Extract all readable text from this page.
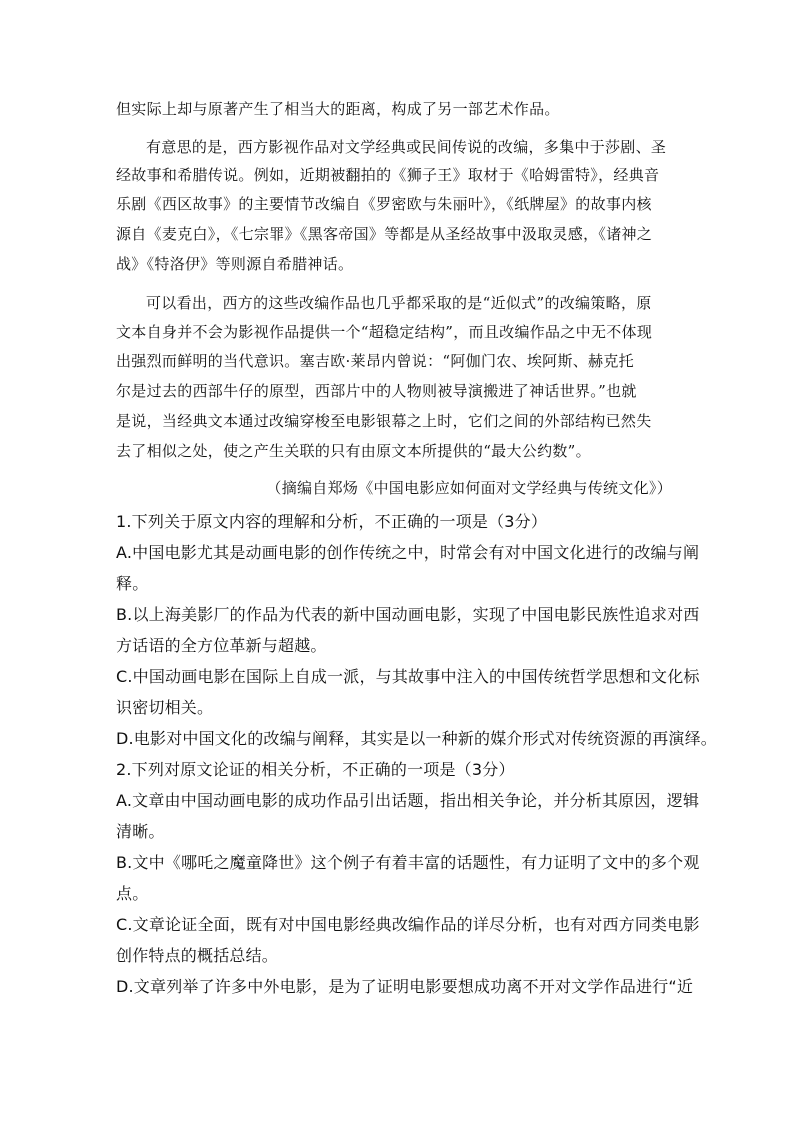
但实际上却与原著产生了相当大的距离，构成了另一部艺术作品。
有意思的是，西方影视作品对文学经典或民间传说的改编，多集中于莎剧、圣
经故事和希腊传说。例如，近期被翻拍的《狮子王》取材于《哈姆雷特》，经典音
乐剧《西区故事》的主要情节改编自《罗密欧与朱丽叶》，《纸牌屋》的故事内核
源自《麦克白》，《七宗罪》《黑客帝国》等都是从圣经故事中汲取灵感，《诸神之
战》《特洛伊》等则源自希腊神话。
可以看出，西方的这些改编作品也几乎都采取的是“近似式”的改编策略，原
文本自身并不会为影视作品提供一个“超稳定结构”，而且改编作品之中无不体现
出强烈而鲜明的当代意识。塞吉欧·莱昂内曾说：“阿伽门农、埃阿斯、赫克托
尔是过去的西部牛仔的原型，西部片中的人物则被导演搬进了神话世界。”也就
是说，当经典文本通过改编穿梭至电影银幕之上时，它们之间的外部结构已然失
去了相似之处，使之产生关联的只有由原文本所提供的“最大公约数”。
（摘编自郑炀《中国电影应如何面对文学经典与传统文化》）
1.下列关于原文内容的理解和分析，不正确的一项是（3分）
A.中国电影尤其是动画电影的创作传统之中，时常会有对中国文化进行的改编与阐
释。
B.以上海美影厂的作品为代表的新中国动画电影，实现了中国电影民族性追求对西
方话语的全方位革新与超越。
C.中国动画电影在国际上自成一派，与其故事中注入的中国传统哲学思想和文化标
识密切相关。
D.电影对中国文化的改编与阐释，其实是以一种新的媒介形式对传统资源的再演绎。
2.下列对原文论证的相关分析，不正确的一项是（3分）
A.文章由中国动画电影的成功作品引出话题，指出相关争论，并分析其原因，逻辑
清晰。
B.文中《哪吒之魔童降世》这个例子有着丰富的话题性，有力证明了文中的多个观
点。
C.文章论证全面，既有对中国电影经典改编作品的详尽分析，也有对西方同类电影
创作特点的概括总结。
D.文章列举了许多中外电影，是为了证明电影要想成功离不开对文学作品进行“近
